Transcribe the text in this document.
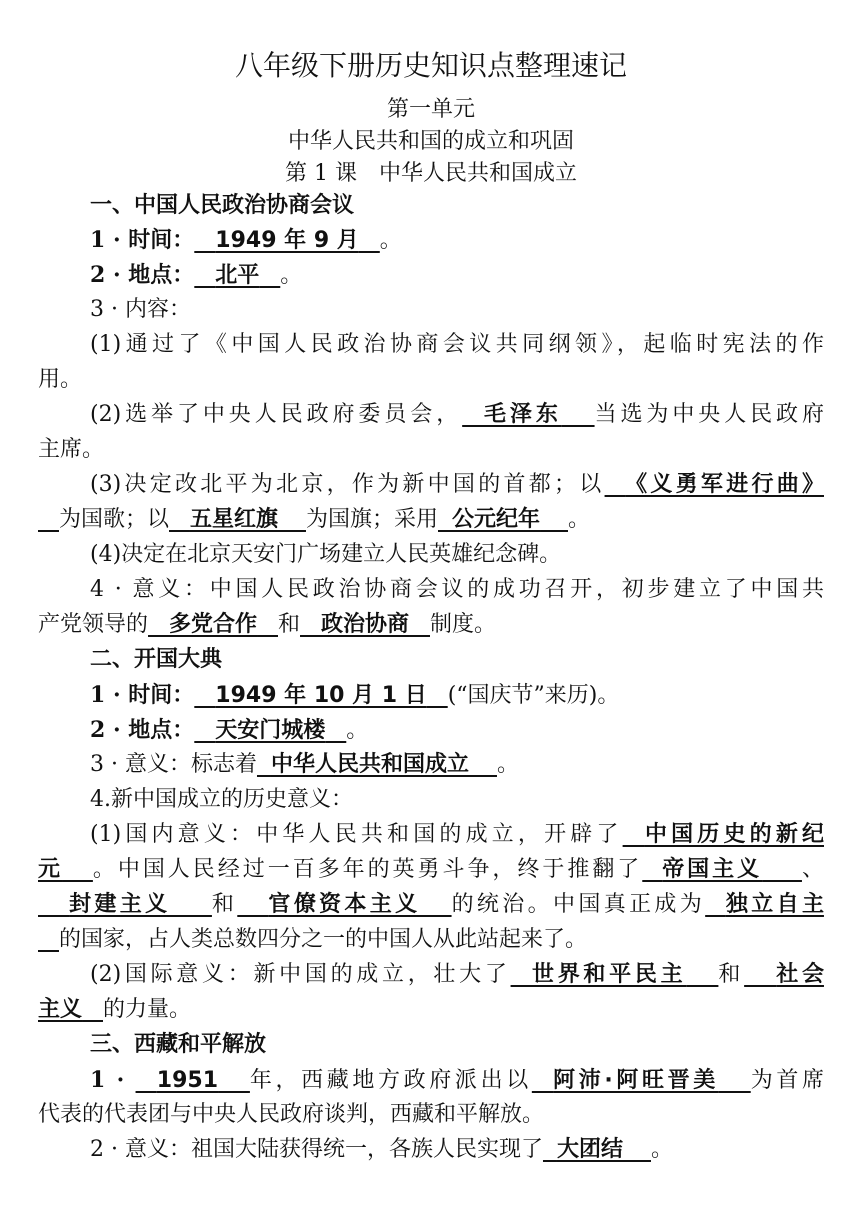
八年级下册历史知识点整理速记
第一单元
中华人民共和国的成立和巩固
第 1 课　中华人民共和国成立
一、中国人民政治协商会议
1 · 时间： 1949 年 9 月 。
2 · 地点： 北平 。
3 · 内容：
(1)通过了《中国人民政治协商会议共同纲领》，起临时宪法的作
用。
(2)选举了中央人民政府委员会， 毛泽东 当选为中央人民政府
主席。
(3)决定改北平为北京，作为新中国的首都；以 《义勇军进行曲》
为国歌；以 五星红旗 为国旗；采用 公元纪年 。
(4)决定在北京天安门广场建立人民英雄纪念碑。
4 · 意义：中国人民政治协商会议的成功召开，初步建立了中国共
产党领导的 多党合作 和 政治协商 制度。
二、开国大典
1 · 时间： 1949 年 10 月 1 日 (“国庆节”来历)。
2 · 地点： 天安门城楼 。
3 · 意义：标志着 中华人民共和国成立 。
4.新中国成立的历史意义：
(1)国内意义：中华人民共和国的成立，开辟了 中国历史的新纪
元 。中国人民经过一百多年的英勇斗争，终于推翻了 帝国主义 、
封建主义 和 官僚资本主义 的统治。中国真正成为 独立自主
的国家，占人类总数四分之一的中国人从此站起来了。
(2)国际意义：新中国的成立，壮大了 世界和平民主 和 社会
主义 的力量。
三、西藏和平解放
1 ·   1951 年，西藏地方政府派出以 阿沛·阿旺晋美 为首席
代表的代表团与中央人民政府谈判，西藏和平解放。
2 · 意义：祖国大陆获得统一，各族人民实现了 大团结 。
